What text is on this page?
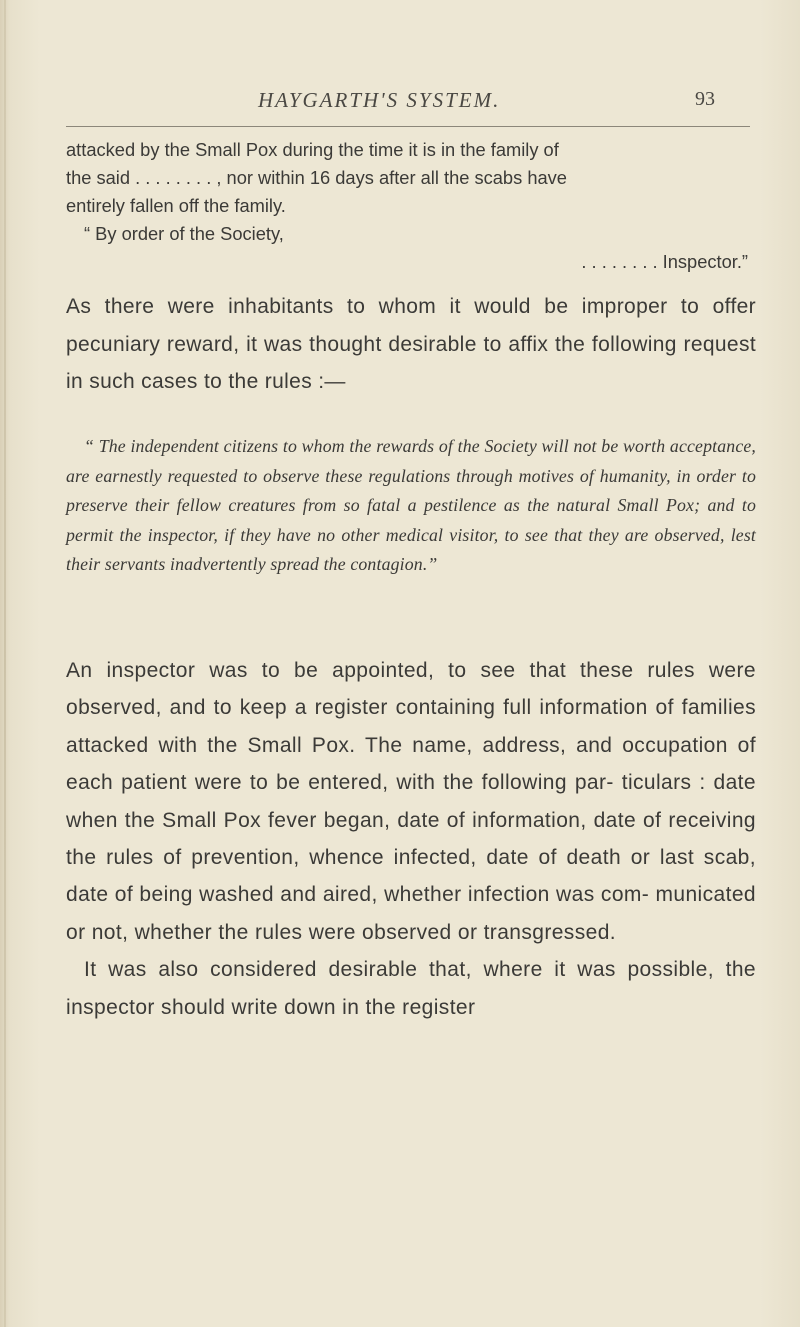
HAYGARTH'S SYSTEM.	93

attacked by the Small Pox during the time it is in the family of

the said . . . . . . . . , nor within 16 days after all the scabs have

entirely fallen off the family.

“ By order of the Society,

. . . . . . . . Inspector.”

As there were inhabitants to whom it would be improper to offer pecuniary reward, it was thought desirable to affix the following request in such cases to the rules :—

“ The independent citizens to whom the rewards of the Society will not be worth acceptance, are earnestly requested to observe these regulations through motives of humanity, in order to preserve their fellow creatures from so fatal a pestilence as the natural Small Pox; and to permit the inspector, if they have no other medical visitor, to see that they are observed, lest their servants inadvertently spread the contagion.”

An inspector was to be appointed, to see that these rules were observed, and to keep a register containing full information of families attacked with the Small Pox. The name, address, and occupation of each patient were to be entered, with the following par- ticulars : date when the Small Pox fever began, date of information, date of receiving the rules of prevention, whence infected, date of death or last scab, date of being washed and aired, whether infection was com- municated or not, whether the rules were observed or transgressed.

It was also considered desirable that, where it was possible, the inspector should write down in the register
